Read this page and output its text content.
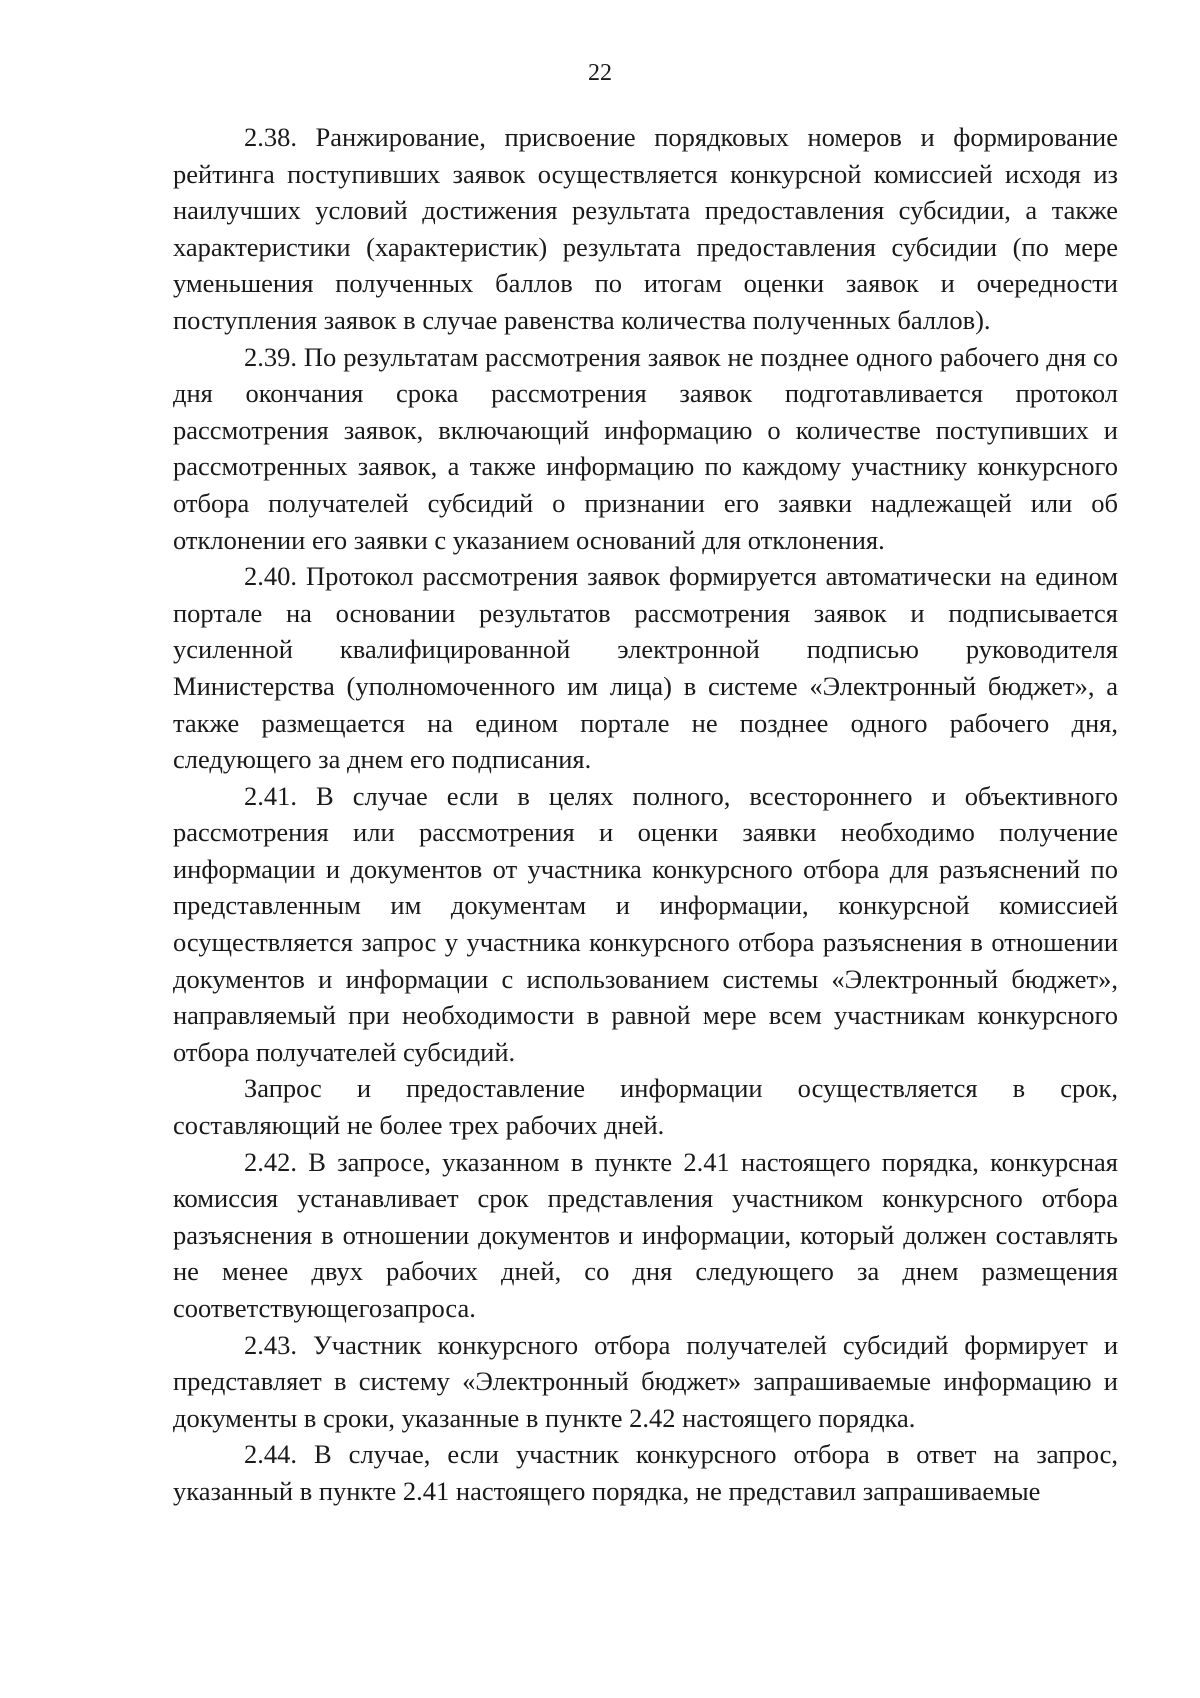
22

2.38. Ранжирование, присвоение порядковых номеров и формирование рейтинга поступивших заявок осуществляется конкурсной комиссией исходя из наилучших условий достижения результата предоставления субсидии, а также характеристики (характеристик) результата предоставления субсидии (по мере уменьшения полученных баллов по итогам оценки заявок и очередности поступления заявок в случае равенства количества полученных баллов).

2.39. По результатам рассмотрения заявок не позднее одного рабочего дня со дня окончания срока рассмотрения заявок подготавливается протокол рассмотрения заявок, включающий информацию о количестве поступивших и рассмотренных заявок, а также информацию по каждому участнику конкурсного отбора получателей субсидий о признании его заявки надлежащей или об отклонении его заявки с указанием оснований для отклонения.

2.40. Протокол рассмотрения заявок формируется автоматически на едином портале на основании результатов рассмотрения заявок и подписывается усиленной квалифицированной электронной подписью руководителя Министерства (уполномоченного им лица) в системе «Электронный бюджет», а также размещается на едином портале не позднее одного рабочего дня, следующего за днем его подписания.

2.41. В случае если в целях полного, всестороннего и объективного рассмотрения или рассмотрения и оценки заявки необходимо получение информации и документов от участника конкурсного отбора для разъяснений по представленным им документам и информации, конкурсной комиссией осуществляется запрос у участника конкурсного отбора разъяснения в отношении документов и информации с использованием системы «Электронный бюджет», направляемый при необходимости в равной мере всем участникам конкурсного отбора получателей субсидий.

Запрос и предоставление информации осуществляется в срок, составляющий не более трех рабочих дней.

2.42. В запросе, указанном в пункте 2.41 настоящего порядка, конкурсная комиссия устанавливает срок представления участником конкурсного отбора разъяснения в отношении документов и информации, который должен составлять не менее двух рабочих дней, со дня следующего за днем размещения соответствующегозапроса.

2.43. Участник конкурсного отбора получателей субсидий формирует и представляет в систему «Электронный бюджет» запрашиваемые информацию и документы в сроки, указанные в пункте 2.42 настоящего порядка.

2.44. В случае, если участник конкурсного отбора в ответ на запрос, указанный в пункте 2.41 настоящего порядка, не представил запрашиваемые
